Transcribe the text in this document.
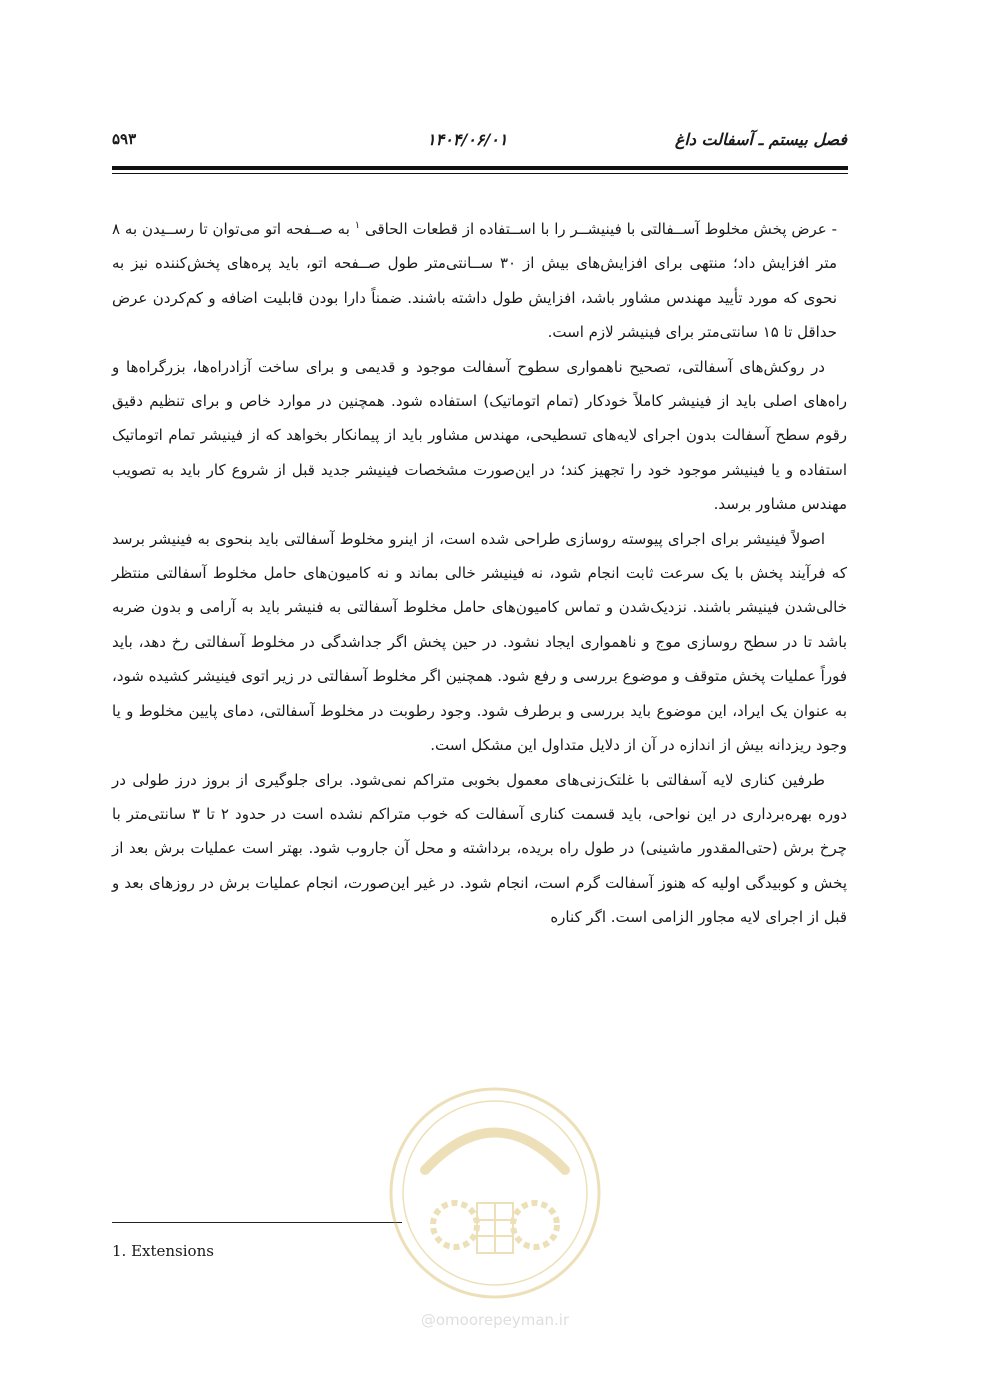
فصل بیستم ـ آسفالت داغ
۱۴۰۴/۰۶/۰۱
۵۹۳

- عرض پخش مخلوط آســفالتی با فینیشــر را با اســتفاده از قطعات الحاقی $^۱$ به صــفحه اتو می‌توان تا رســیدن به ۸ متر افزایش داد؛ منتهی برای افزایش‌های بیش از ۳۰ ســانتی‌متر طول صــفحه اتو، باید پره‌های پخش‌کننده نیز به نحوی که مورد تأیید مهندس مشاور باشد، افزایش طول داشته باشند. ضمناً دارا بودن قابلیت اضافه و کم‌کردن عرض حداقل تا ۱۵ سانتی‌متر برای فینیشر لازم است.

در روکش‌های آسفالتی، تصحیح ناهمواری سطوح آسفالت موجود و قدیمی و برای ساخت آزادراه‌ها، بزرگراه‌ها و راه‌های اصلی باید از فینیشر کاملاً خودکار (تمام اتوماتیک) استفاده شود. همچنین در موارد خاص و برای تنظیم دقیق رقوم سطح آسفالت بدون اجرای لایه‌های تسطیحی، مهندس مشاور باید از پیمانکار بخواهد که از فینیشر تمام اتوماتیک استفاده و یا فینیشر موجود خود را تجهیز کند؛ در این‌صورت مشخصات فینیشر جدید قبل از شروع کار باید به تصویب مهندس مشاور برسد.

اصولاً فینیشر برای اجرای پیوسته روسازی طراحی شده است، از اینرو مخلوط آسفالتی باید بنحوی به فینیشر برسد که فرآیند پخش با یک سرعت ثابت انجام شود، نه فینیشر خالی بماند و نه کامیون‌های حامل مخلوط آسفالتی منتظر خالی‌شدن فینیشر باشند. نزدیک‌شدن و تماس کامیون‌های حامل مخلوط آسفالتی به فنیشر باید به آرامی و بدون ضربه باشد تا در سطح روسازی موج و ناهمواری ایجاد نشود. در حین پخش اگر جداشدگی در مخلوط آسفالتی رخ دهد، باید فوراً عملیات پخش متوقف و موضوع بررسی و رفع شود. همچنین اگر مخلوط آسفالتی در زیر اتوی فینیشر کشیده شود، به عنوان یک ایراد، این موضوع باید بررسی و برطرف شود. وجود رطوبت در مخلوط آسفالتی، دمای پایین مخلوط و یا وجود ریزدانه بیش از اندازه در آن از دلایل متداول این مشکل است.

طرفین کناری لایه آسفالتی با غلتک‌زنی‌های معمول بخوبی متراکم نمی‌شود. برای جلوگیری از بروز درز طولی در دوره بهره‌برداری در این نواحی، باید قسمت کناری آسفالت که خوب متراکم نشده است در حدود ۲ تا ۳ سانتی‌متر با چرخ برش (حتی‌المقدور ماشینی) در طول راه بریده، برداشته و محل آن جاروب شود. بهتر است عملیات برش بعد از پخش و کوبیدگی اولیه که هنوز آسفالت گرم است، انجام شود. در غیر این‌صورت، انجام عملیات برش در روزهای بعد و قبل از اجرای لایه مجاور الزامی است. اگر کناره

1. Extensions
@omoorepeyman.ir
